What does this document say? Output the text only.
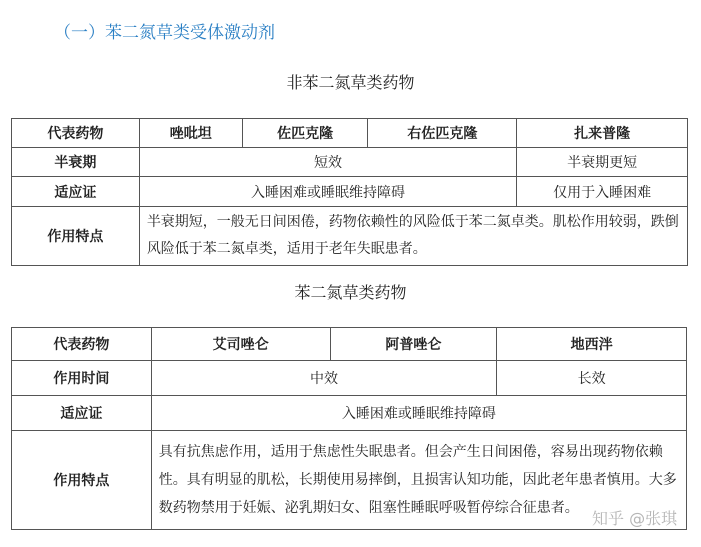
（一）苯二氮草类受体激动剂
非苯二氮草类药物
代表药物	唑吡坦	佐匹克隆	右佐匹克隆	扎来普隆
半衰期	短效			半衰期更短
适应证	入睡困难或睡眠维持障碍			仅用于入睡困难
作用特点	半衰期短，一般无日间困倦，药物依赖性的风险低于苯二氮卓类。肌松作用较弱，跌倒风险低于苯二氮卓类，适用于老年失眠患者。			
苯二氮草类药物
代表药物	艾司唑仑	阿普唑仑	地西泮
作用时间	中效		长效
适应证	入睡困难或睡眠维持障碍		
作用特点	具有抗焦虑作用，适用于焦虑性失眠患者。但会产生日间困倦，容易出现药物依赖性。具有明显的肌松，长期使用易摔倒，且损害认知功能，因此老年患者慎用。大多数药物禁用于妊娠、泌乳期妇女、阻塞性睡眠呼吸暂停综合征患者。		
知乎 @张琪
